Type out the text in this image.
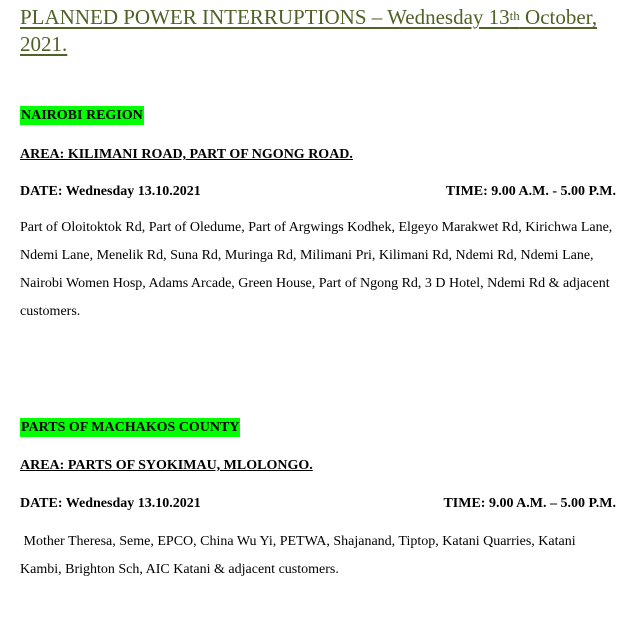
PLANNED POWER INTERRUPTIONS – Wednesday 13th October, 2021.
NAIROBI REGION
AREA: KILIMANI ROAD, PART OF NGONG ROAD.
DATE: Wednesday 13.10.2021	TIME: 9.00 A.M. - 5.00 P.M.
Part of Oloitoktok Rd, Part of Oledume, Part of Argwings Kodhek, Elgeyo Marakwet Rd, Kirichwa Lane, Ndemi Lane, Menelik Rd, Suna Rd, Muringa Rd, Milimani Pri, Kilimani Rd, Ndemi Rd, Ndemi Lane, Nairobi Women Hosp, Adams Arcade, Green House, Part of Ngong Rd, 3 D Hotel, Ndemi Rd & adjacent customers.
PARTS OF MACHAKOS COUNTY
AREA: PARTS OF SYOKIMAU, MLOLONGO.
DATE: Wednesday 13.10.2021	TIME: 9.00 A.M. – 5.00 P.M.
Mother Theresa, Seme, EPCO, China Wu Yi, PETWA, Shajanand, Tiptop, Katani Quarries, Katani Kambi, Brighton Sch, AIC Katani & adjacent customers.
